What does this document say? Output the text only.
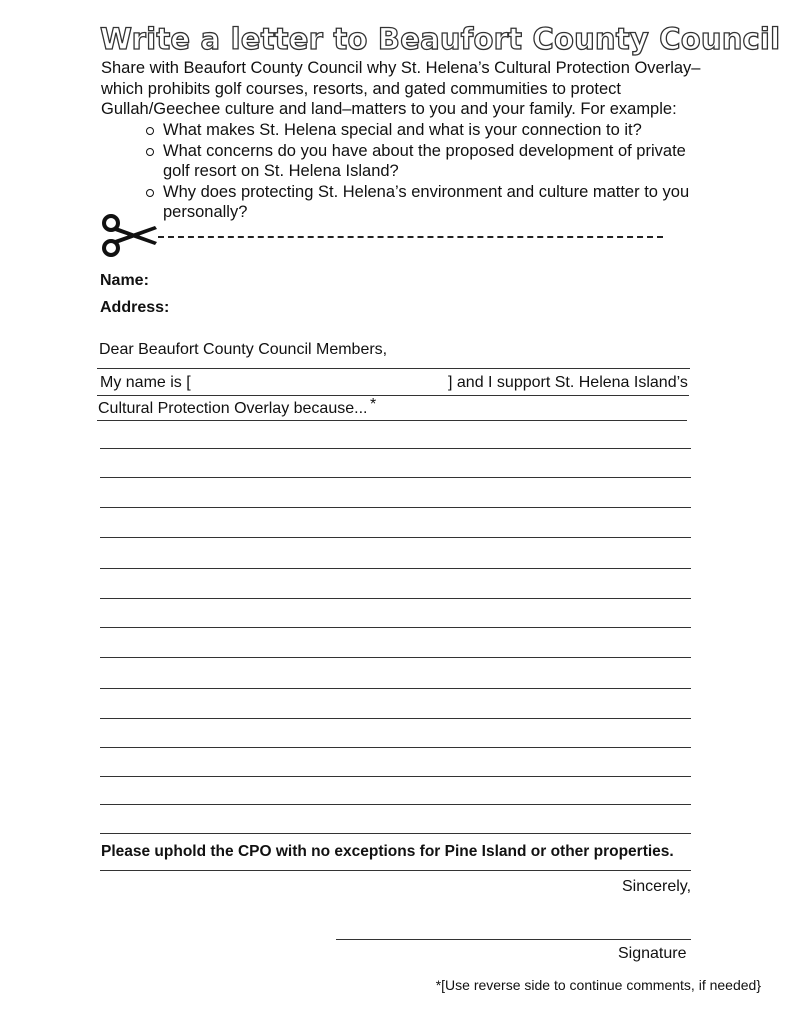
Write a letter to Beaufort County Council
Share with Beaufort County Council why St. Helena’s Cultural Protection Overlay–which prohibits golf courses, resorts, and gated commumities to protect Gullah/Geechee culture and land–matters to you and your family. For example:
What makes St. Helena special and what is your connection to it?
What concerns do you have about the proposed development of private golf resort on St. Helena Island?
Why does protecting St. Helena’s environment and culture matter to you personally?
Name:
Address:
Dear Beaufort County Council Members,
My name is [	] and I support St. Helena Island’s
Cultural Protection Overlay because... *
Please uphold the CPO with no exceptions for Pine Island or other properties.
Sincerely,
Signature
*[Use reverse side to continue comments, if needed}
